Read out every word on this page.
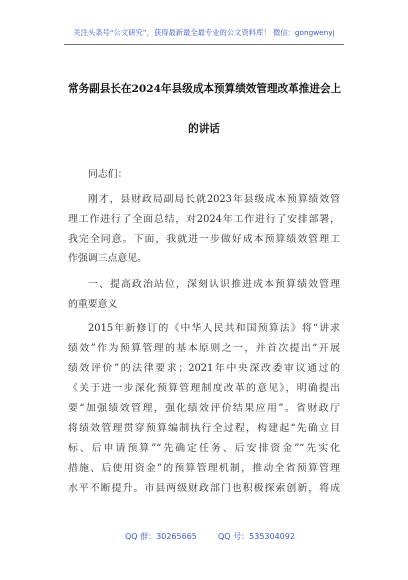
关注头条号“公文研究”，获得最新最全最专业的公文资料库！ 微信：gongwenyj
常务副县长在2024年县级成本预算绩效管理改革推进会上
的讲话
同志们：
刚才，县财政局副局长就2023年县级成本预算绩效管
理工作进行了全面总结，对2024年工作进行了安排部署，
我完全同意。下面，我就进一步做好成本预算绩效管理工
作强调三点意见。
一、提高政治站位，深刻认识推进成本预算绩效管理
的重要意义
2015年新修订的《中华人民共和国预算法》将“讲求
绩效”作为预算管理的基本原则之一，并首次提出“开展
绩效评价”的法律要求；2021年中央深改委审议通过的
《关于进一步深化预算管理制度改革的意见》，明确提出
要“加强绩效管理，强化绩效评价结果应用”。省财政厅
将绩效管理贯穿预算编制执行全过程，构建起“先确立目
标、后申请预算”“先确定任务、后安排资金”“先实化
措施、后使用资金”的预算管理机制，推动全省预算管理
水平不断提升。市县两级财政部门也积极探索创新，将成
QQ 群：30265665	QQ 号：535304092
